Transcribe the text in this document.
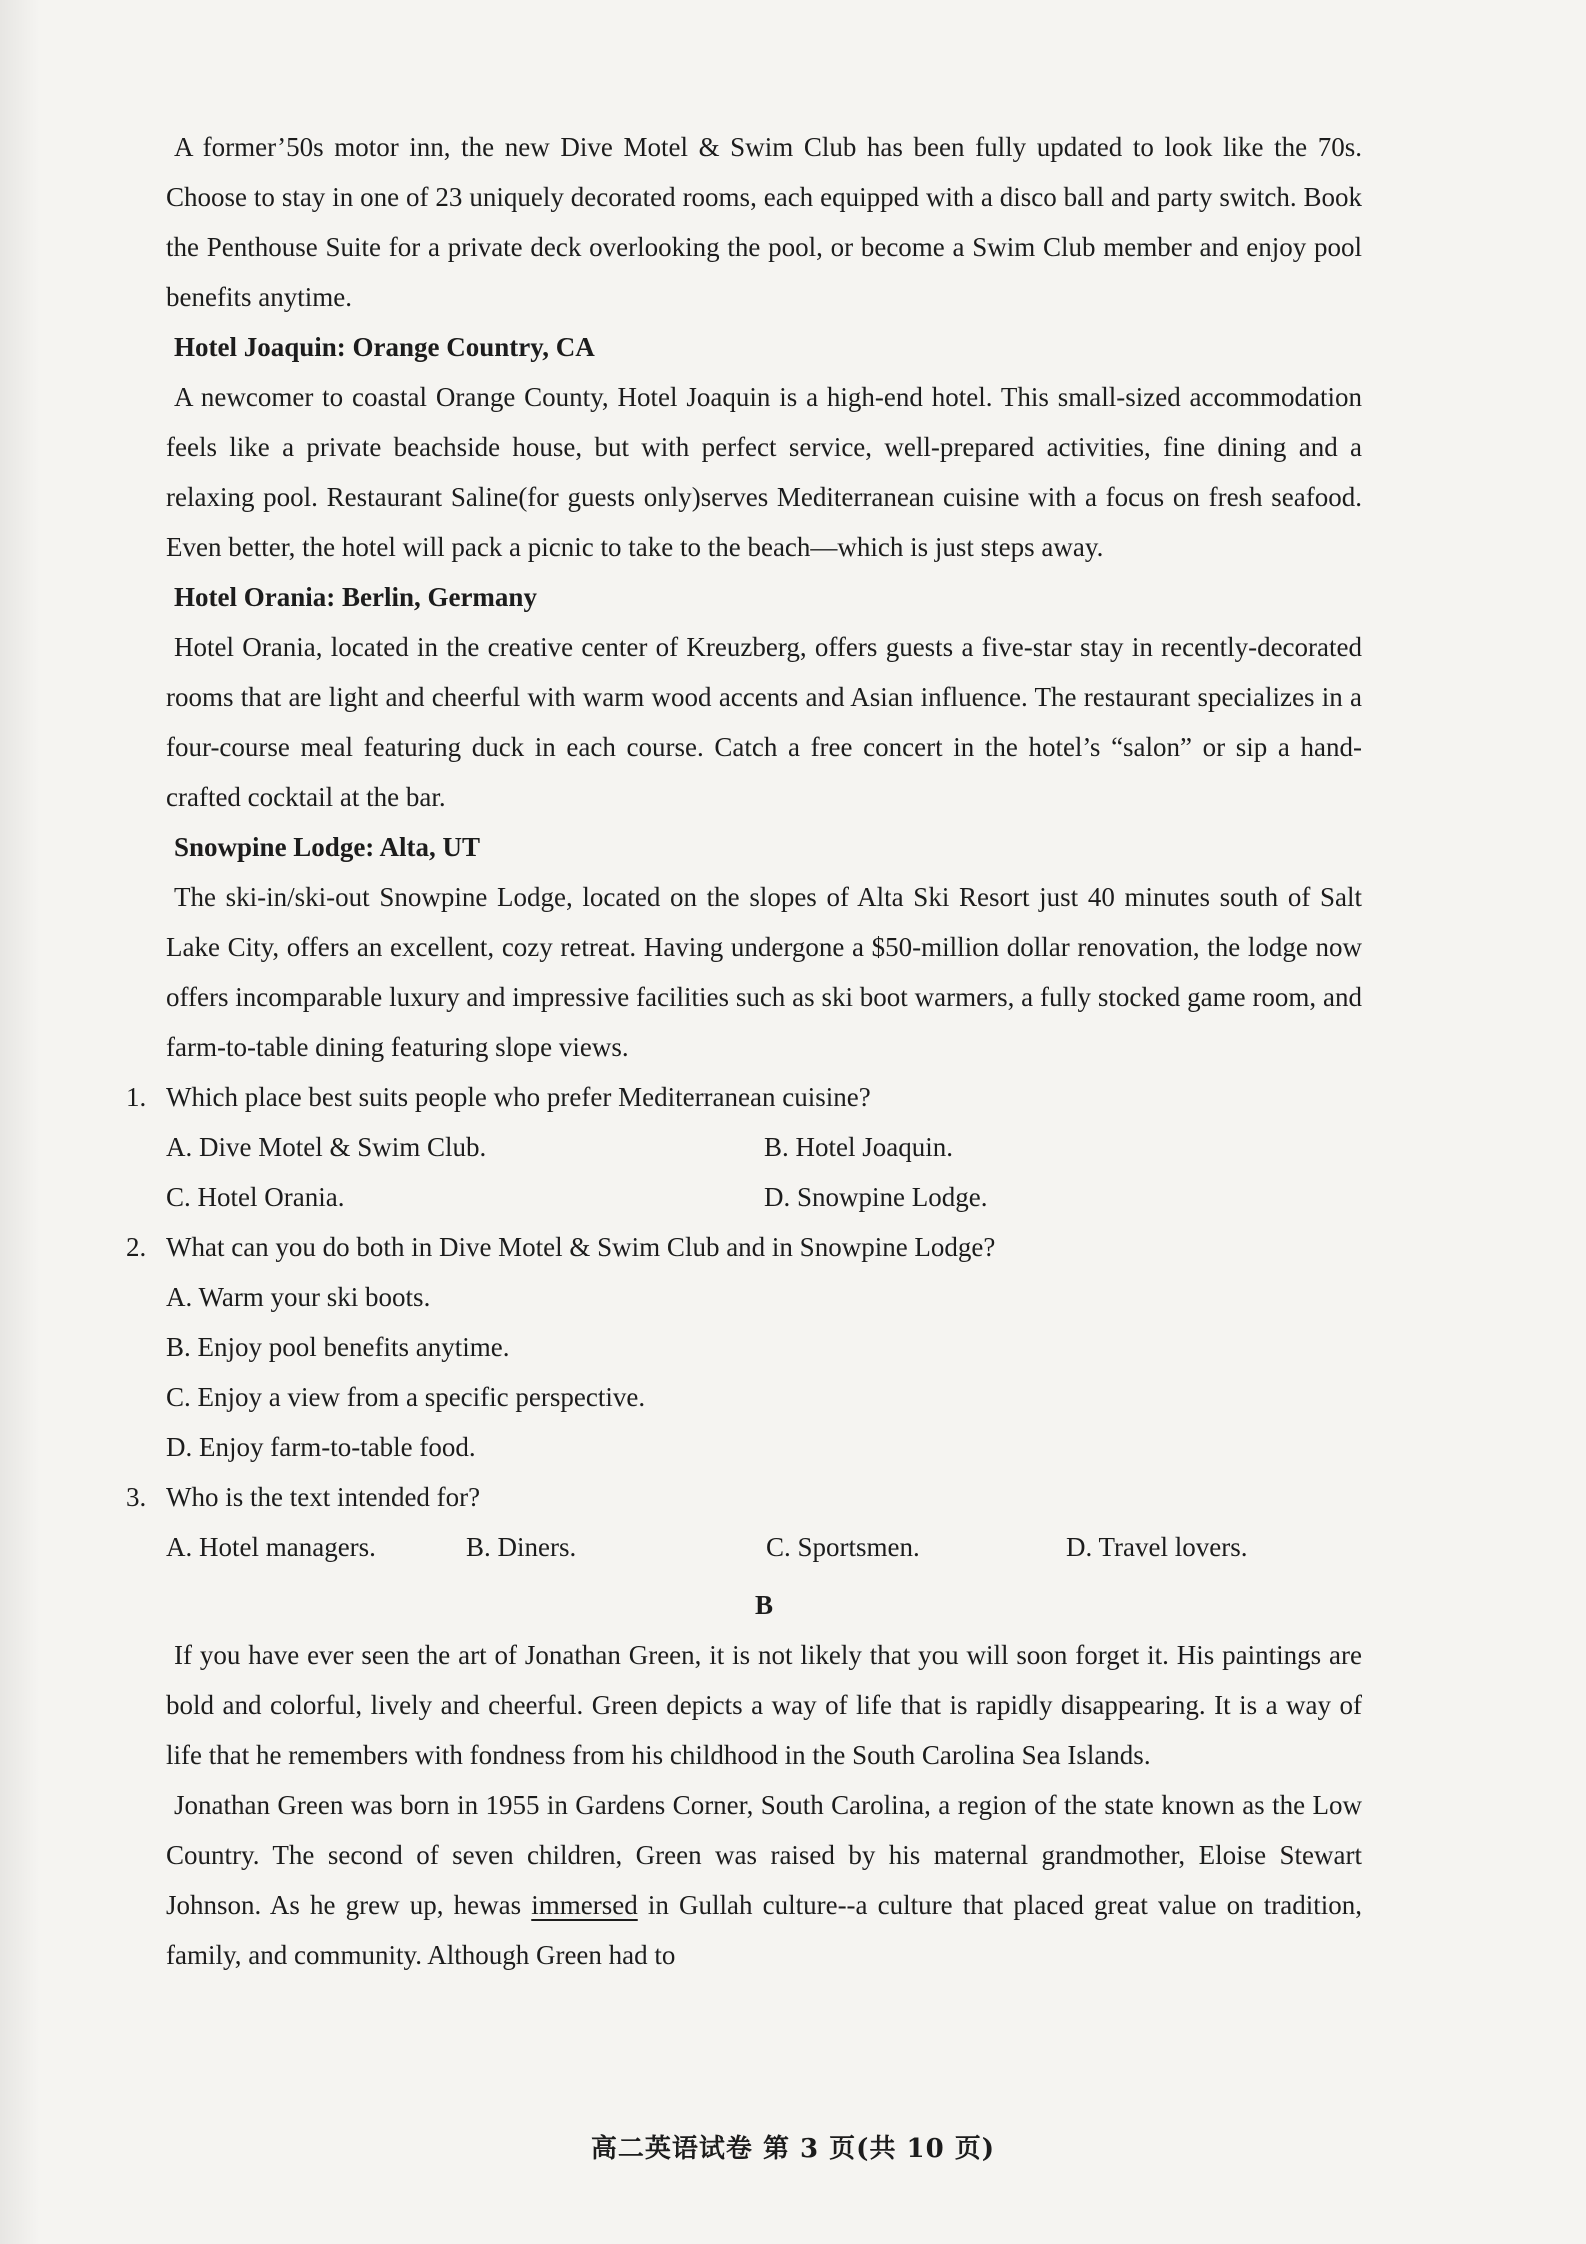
A former’50s motor inn, the new Dive Motel & Swim Club has been fully updated to look like the 70s. Choose to stay in one of 23 uniquely decorated rooms, each equipped with a disco ball and party switch. Book the Penthouse Suite for a private deck overlooking the pool, or become a Swim Club member and enjoy pool benefits anytime.

Hotel Joaquin: Orange Country, CA

A newcomer to coastal Orange County, Hotel Joaquin is a high-end hotel. This small-sized accommodation feels like a private beachside house, but with perfect service, well-prepared activities, fine dining and a relaxing pool. Restaurant Saline(for guests only)serves Mediterranean cuisine with a focus on fresh seafood. Even better, the hotel will pack a picnic to take to the beach—which is just steps away.

Hotel Orania: Berlin, Germany

Hotel Orania, located in the creative center of Kreuzberg, offers guests a five-star stay in recently-decorated rooms that are light and cheerful with warm wood accents and Asian influence. The restaurant specializes in a four-course meal featuring duck in each course. Catch a free concert in the hotel’s “salon” or sip a hand-crafted cocktail at the bar.

Snowpine Lodge: Alta, UT

The ski-in/ski-out Snowpine Lodge, located on the slopes of Alta Ski Resort just 40 minutes south of Salt Lake City, offers an excellent, cozy retreat. Having undergone a $50-million dollar renovation, the lodge now offers incomparable luxury and impressive facilities such as ski boot warmers, a fully stocked game room, and farm-to-table dining featuring slope views.

1. Which place best suits people who prefer Mediterranean cuisine?
A. Dive Motel & Swim Club.	B. Hotel Joaquin.
C. Hotel Orania.	D. Snowpine Lodge.
2. What can you do both in Dive Motel & Swim Club and in Snowpine Lodge?
A. Warm your ski boots.
B. Enjoy pool benefits anytime.
C. Enjoy a view from a specific perspective.
D. Enjoy farm-to-table food.
3. Who is the text intended for?
A. Hotel managers.	B. Diners.	C. Sportsmen.	D. Travel lovers.
B

If you have ever seen the art of Jonathan Green, it is not likely that you will soon forget it. His paintings are bold and colorful, lively and cheerful. Green depicts a way of life that is rapidly disappearing. It is a way of life that he remembers with fondness from his childhood in the South Carolina Sea Islands.

Jonathan Green was born in 1955 in Gardens Corner, South Carolina, a region of the state known as the Low Country. The second of seven children, Green was raised by his maternal grandmother, Eloise Stewart Johnson. As he grew up, hewas immersed in Gullah culture--a culture that placed great value on tradition, family, and community. Although Green had to

高二英语试卷 第 3 页(共 10 页)
